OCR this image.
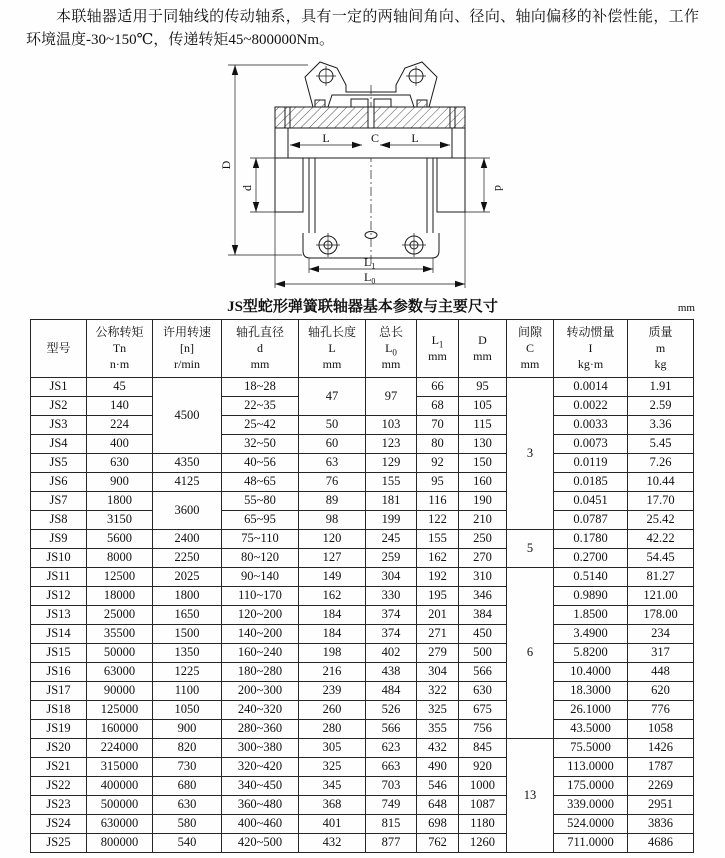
本联轴器适用于同轴线的传动轴系，具有一定的两轴间角向、径向、轴向偏移的补偿性能，工作环境温度-30~150℃，传递转矩45~800000Nm。

D
d	d
L	C	L
$L_1$
$L_0$
JS型蛇形弹簧联轴器基本参数与主要尺寸	mm
型号

公称转矩
Tn
n·m

许用转速
[n]
r/min

轴孔直径
d
mm

轴孔长度
L
mm

总长
$L_0$
mm

$L_1$
mm

D
mm

间隙
C
mm

转动惯量
I
kg·m

质量
m
kg

JS1	45	4500	18~28	47	97	66	95	3	0.0014	1.91
JS2	140		22~35			68	105		0.0022	2.59
JS3	224		25~42	50	103	70	115		0.0033	3.36
JS4	400		32~50	60	123	80	130		0.0073	5.45
JS5	630	4350	40~56	63	129	92	150		0.0119	7.26
JS6	900	4125	48~65	76	155	95	160		0.0185	10.44
JS7	1800	3600	55~80	89	181	116	190		0.0451	17.70
JS8	3150		65~95	98	199	122	210		0.0787	25.42
JS9	5600	2400	75~110	120	245	155	250	5	0.1780	42.22
JS10	8000	2250	80~120	127	259	162	270		0.2700	54.45
JS11	12500	2025	90~140	149	304	192	310	6	0.5140	81.27
JS12	18000	1800	110~170	162	330	195	346		0.9890	121.00
JS13	25000	1650	120~200	184	374	201	384		1.8500	178.00
JS14	35500	1500	140~200	184	374	271	450		3.4900	234
JS15	50000	1350	160~240	198	402	279	500		5.8200	317
JS16	63000	1225	180~280	216	438	304	566		10.4000	448
JS17	90000	1100	200~300	239	484	322	630		18.3000	620
JS18	125000	1050	240~320	260	526	325	675		26.1000	776
JS19	160000	900	280~360	280	566	355	756		43.5000	1058
JS20	224000	820	300~380	305	623	432	845	13	75.5000	1426
JS21	315000	730	320~420	325	663	490	920		113.0000	1787
JS22	400000	680	340~450	345	703	546	1000		175.0000	2269
JS23	500000	630	360~480	368	749	648	1087		339.0000	2951
JS24	630000	580	400~460	401	815	698	1180		524.0000	3836
JS25	800000	540	420~500	432	877	762	1260		711.0000	4686
